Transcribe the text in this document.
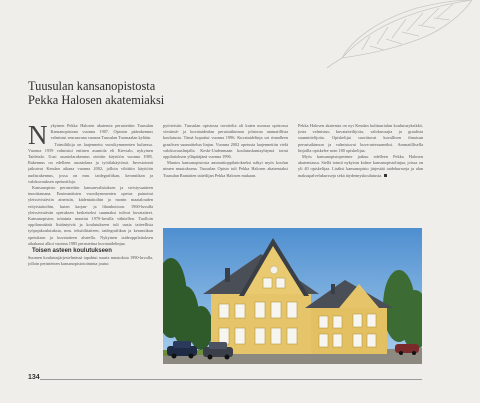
Tuusulan kansanopistosta
Pekka Halosen akatemiaksi

Nykyinen Pekka Halosen akatemia perustettiin Tuusulan Kansanopistona vuonna 1907. Opiston päärakennus valmistui seuraavana vuonna Tuusulan Tuomaalan kylään.

Toimiliikija on laajennettu vuosikymmenten kuluessa. Vuonna 1959 valmistui entinen asuntola eli Kievialo, nykyinen Taidetalo. Uusi asuntolarakennus otettiin käyttöön vuonna 1985. Rakennus on edelleen asuntolana ja työtilakäytössä. Investoinnit jatkuivat Keudan aikana vuonna 2002, jolloin vihittiin käyttöön uudisrakennus, jossa on mm. taidegrafiikan, keramiikan ja valokuvauksen opetustiloja.

Kansanopisto perustettiin kansanvalistuksen ja sivistysaatteen innoittamana. Ensimmäisten vuosikymmenten opetus painottui yleissivistäviin aineisiin, kädentaitoihin ja monin maatalouden erityistaitoihin, kuten karjan- ja lihanhoitoon. 1960-luvulla yleissivistävän opetuksen keskeiseksi suunnaksi tulivat kuvataiteet. Kansanopiston toiminta muuttui 1970-luvulla vähitellen. Tuolloin oppilasmäärät lisääntyivät ja koulutukseen tuli uusia taiteellisia työpajakoulutuksia, mm. tekstiilitaiteen, taidegrafiikan ja keramiikan opetuksen ja kuvataiteen alueella. Nykyinen taideoppilaitoksen aikakausi alkoi vuonna 1985 perustettua kuvataidelinjaa.

Toisen asteen koulutukseen

Suomen koulutusjärjestelmässä tapahtui suuria muutoksia 1990-luvulla, jolloin perinteinen kansanopistotoiminta joutui

pyörteisiin. Tuusulan opistossa tavoitelta oli kuten useassa opistossa viestintä- ja kuvataidealan perustutkinnon johtavaa ammatillista koulutusta. Tämä hoputtui vuonna 1996. Kuvataidelinja sai rinnalleen graafisen suunnittelun linjan. Vuonna 2002 opetusta laajennettiin vielä valokuvauslinjalla. Keski-Uudenmaan koulutuskuntayhtymä toimi oppilaitoksen ylläpitäjänä vuonna 1996.

Muutos kansanopistosta ammattioppilaitokseksi näkyi myös koulun nimen muutoksena. Tuusulan Opisto tuli Pekka Halosen akatemiaksi Tuusulan Rantatien taiteilijan Pekka Halosen mukaan.

Pekka Halosen akatemia on nyt Keudan kulttuurialan koulutusyksikkö, josta valmistuu kuvataiteilijoita, valokuvaajia ja graafisia suunnittelijoita. Opiskelijat suorittavat kuvallisen ilmaisun perustutkinnon ja valmistuvat kuva-artesaaneiksi. Ammatillisella linjoilla opiskelee noin 180 opiskelijaa.

Myös kansanopistoperinne jatkuu edelleen Pekka Halosen akatemiassa. Siellä toimii nykyisin kolme kansanopistolinjaa, joissa on yli 40 opiskelijaa. Lisäksi kansanopisto järjestää taidekursseja ja alan maksupalvelukursseja sekä täydennyskoulutusta.

134
